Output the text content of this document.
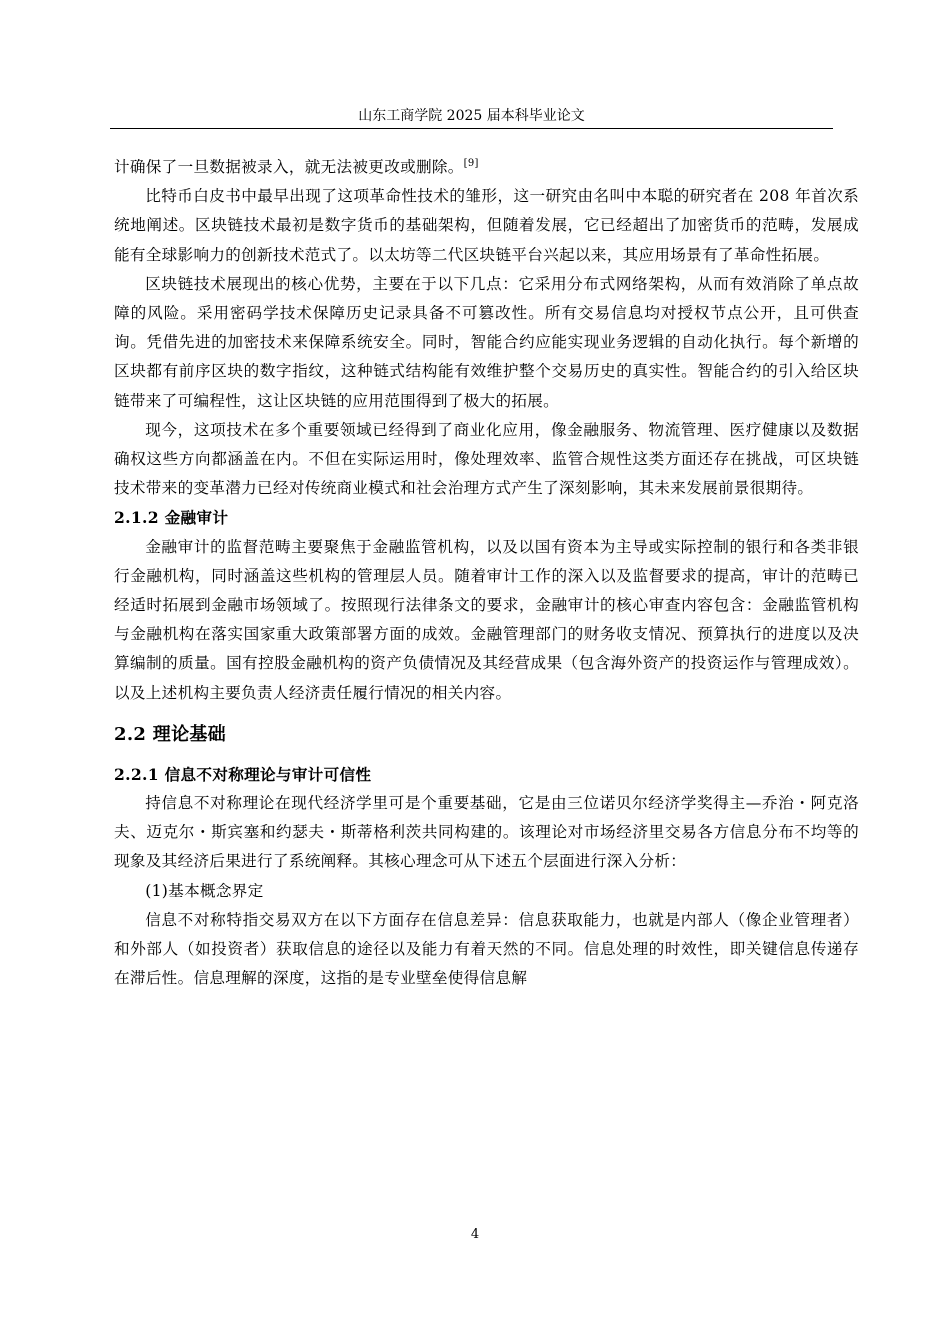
山东工商学院 2025 届本科毕业论文

计确保了一旦数据被录入，就无法被更改或删除。[9]

比特币白皮书中最早出现了这项革命性技术的雏形，这一研究由名叫中本聪的研究者在 208 年首次系统地阐述。区块链技术最初是数字货币的基础架构，但随着发展，它已经超出了加密货币的范畴，发展成能有全球影响力的创新技术范式了。以太坊等二代区块链平台兴起以来，其应用场景有了革命性拓展。

区块链技术展现出的核心优势，主要在于以下几点：它采用分布式网络架构，从而有效消除了单点故障的风险。采用密码学技术保障历史记录具备不可篡改性。所有交易信息均对授权节点公开，且可供查询。凭借先进的加密技术来保障系统安全。同时，智能合约应能实现业务逻辑的自动化执行。每个新增的区块都有前序区块的数字指纹，这种链式结构能有效维护整个交易历史的真实性。智能合约的引入给区块链带来了可编程性，这让区块链的应用范围得到了极大的拓展。

现今，这项技术在多个重要领域已经得到了商业化应用，像金融服务、物流管理、医疗健康以及数据确权这些方向都涵盖在内。不但在实际运用时，像处理效率、监管合规性这类方面还存在挑战，可区块链技术带来的变革潜力已经对传统商业模式和社会治理方式产生了深刻影响，其未来发展前景很期待。

2.1.2 金融审计

金融审计的监督范畴主要聚焦于金融监管机构，以及以国有资本为主导或实际控制的银行和各类非银行金融机构，同时涵盖这些机构的管理层人员。随着审计工作的深入以及监督要求的提高，审计的范畴已经适时拓展到金融市场领域了。按照现行法律条文的要求，金融审计的核心审查内容包含：金融监管机构与金融机构在落实国家重大政策部署方面的成效。金融管理部门的财务收支情况、预算执行的进度以及决算编制的质量。国有控股金融机构的资产负债情况及其经营成果（包含海外资产的投资运作与管理成效）。以及上述机构主要负责人经济责任履行情况的相关内容。

2.2 理论基础

2.2.1 信息不对称理论与审计可信性

持信息不对称理论在现代经济学里可是个重要基础，它是由三位诺贝尔经济学奖得主—乔治・阿克洛夫、迈克尔・斯宾塞和约瑟夫・斯蒂格利茨共同构建的。该理论对市场经济里交易各方信息分布不均等的现象及其经济后果进行了系统阐释。其核心理念可从下述五个层面进行深入分析：

(1)基本概念界定

信息不对称特指交易双方在以下方面存在信息差异：信息获取能力，也就是内部人（像企业管理者）和外部人（如投资者）获取信息的途径以及能力有着天然的不同。信息处理的时效性，即关键信息传递存在滞后性。信息理解的深度，这指的是专业壁垒使得信息解

4
